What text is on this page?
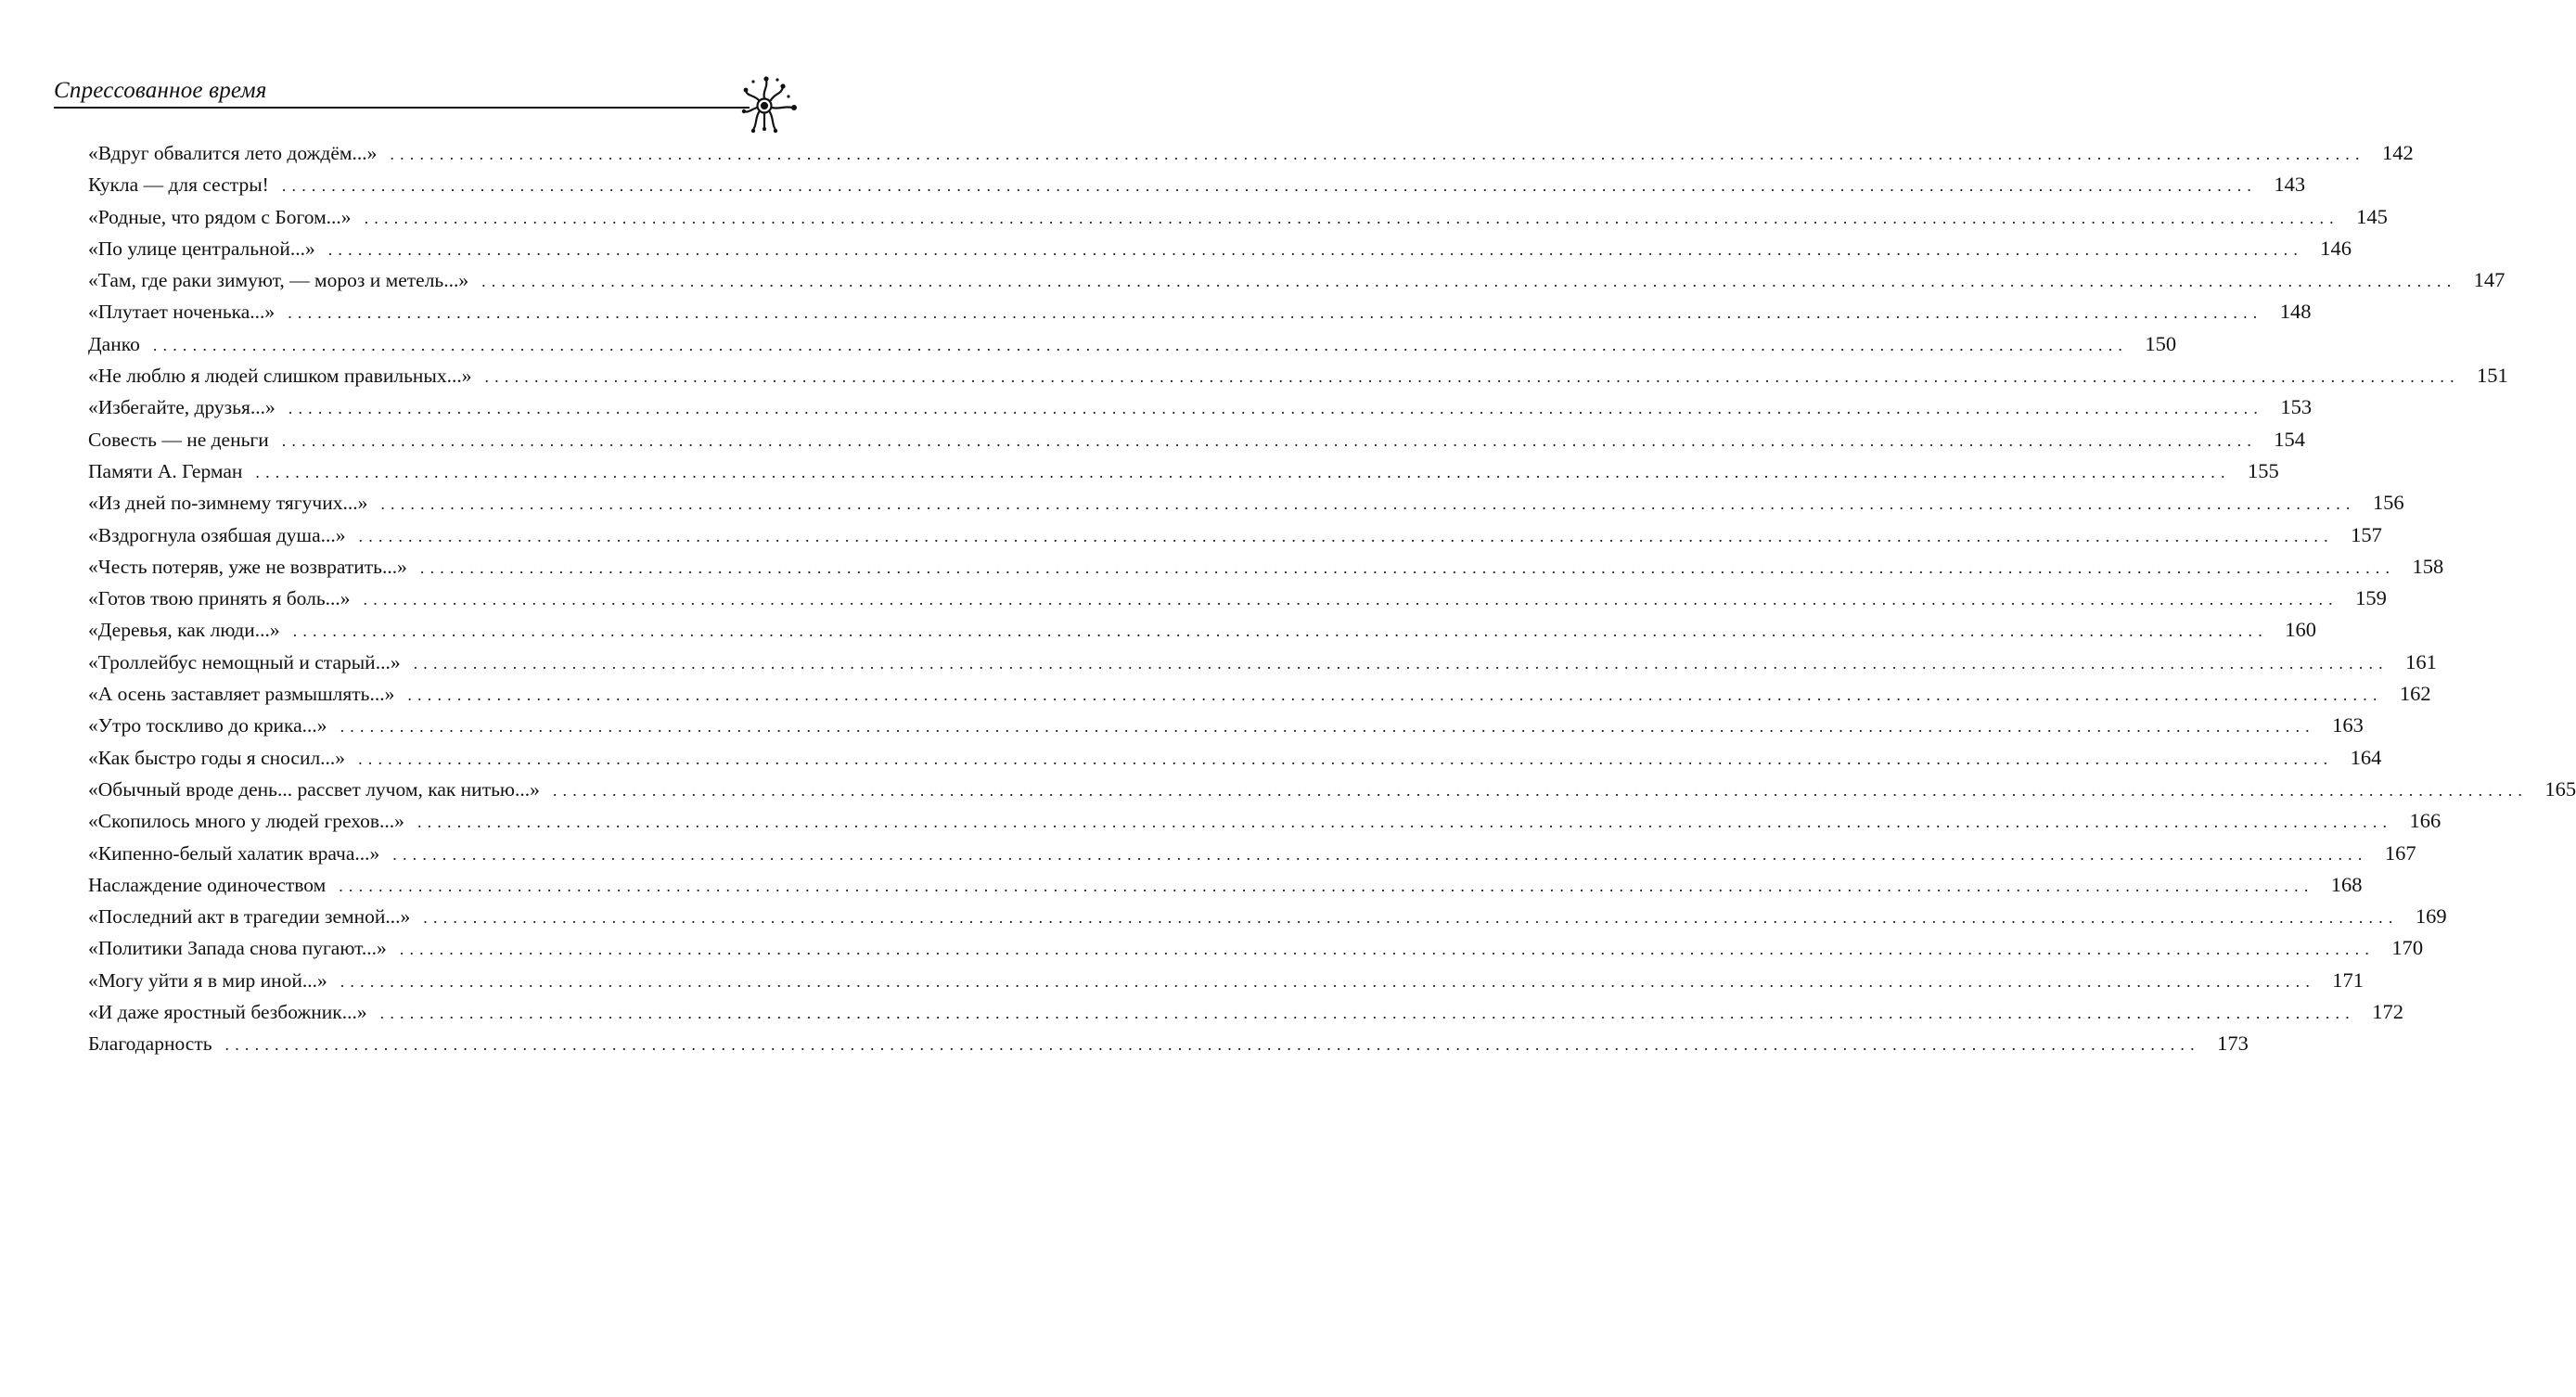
Спрессованное время
«Вдруг обвалится лето дождём...» ....................................................................................................................................................................................................... 142
Кукла — для сестры! ....................................................................................................................................................................................................... 143
«Родные, что рядом с Богом...» ....................................................................................................................................................................................................... 145
«По улице центральной...» ....................................................................................................................................................................................................... 146
«Там, где раки зимуют, — мороз и метель...» ....................................................................................................................................................................................................... 147
«Плутает ноченька...» ....................................................................................................................................................................................................... 148
Данко ....................................................................................................................................................................................................... 150
«Не люблю я людей слишком правильных...» ....................................................................................................................................................................................................... 151
«Избегайте, друзья...» ....................................................................................................................................................................................................... 153
Совесть — не деньги ....................................................................................................................................................................................................... 154
Памяти А. Герман ....................................................................................................................................................................................................... 155
«Из дней по-зимнему тягучих...» ....................................................................................................................................................................................................... 156
«Вздрогнула озябшая душа...» ....................................................................................................................................................................................................... 157
«Честь потеряв, уже не возвратить...» ....................................................................................................................................................................................................... 158
«Готов твою принять я боль...» ....................................................................................................................................................................................................... 159
«Деревья, как люди...» ....................................................................................................................................................................................................... 160
«Троллейбус немощный и старый...» ....................................................................................................................................................................................................... 161
«А осень заставляет размышлять...» ....................................................................................................................................................................................................... 162
«Утро тоскливо до крика...» ....................................................................................................................................................................................................... 163
«Как быстро годы я сносил...» ....................................................................................................................................................................................................... 164
«Обычный вроде день... рассвет лучом, как нитью...» ....................................................................................................................................................................................................... 165
«Скопилось много у людей грехов...» ....................................................................................................................................................................................................... 166
«Кипенно-белый халатик врача...» ....................................................................................................................................................................................................... 167
Наслаждение одиночеством ....................................................................................................................................................................................................... 168
«Последний акт в трагедии земной...» ....................................................................................................................................................................................................... 169
«Политики Запада снова пугают...» ....................................................................................................................................................................................................... 170
«Могу уйти я в мир иной...» ....................................................................................................................................................................................................... 171
«И даже яростный безбожник...» ....................................................................................................................................................................................................... 172
Благодарность ....................................................................................................................................................................................................... 173
